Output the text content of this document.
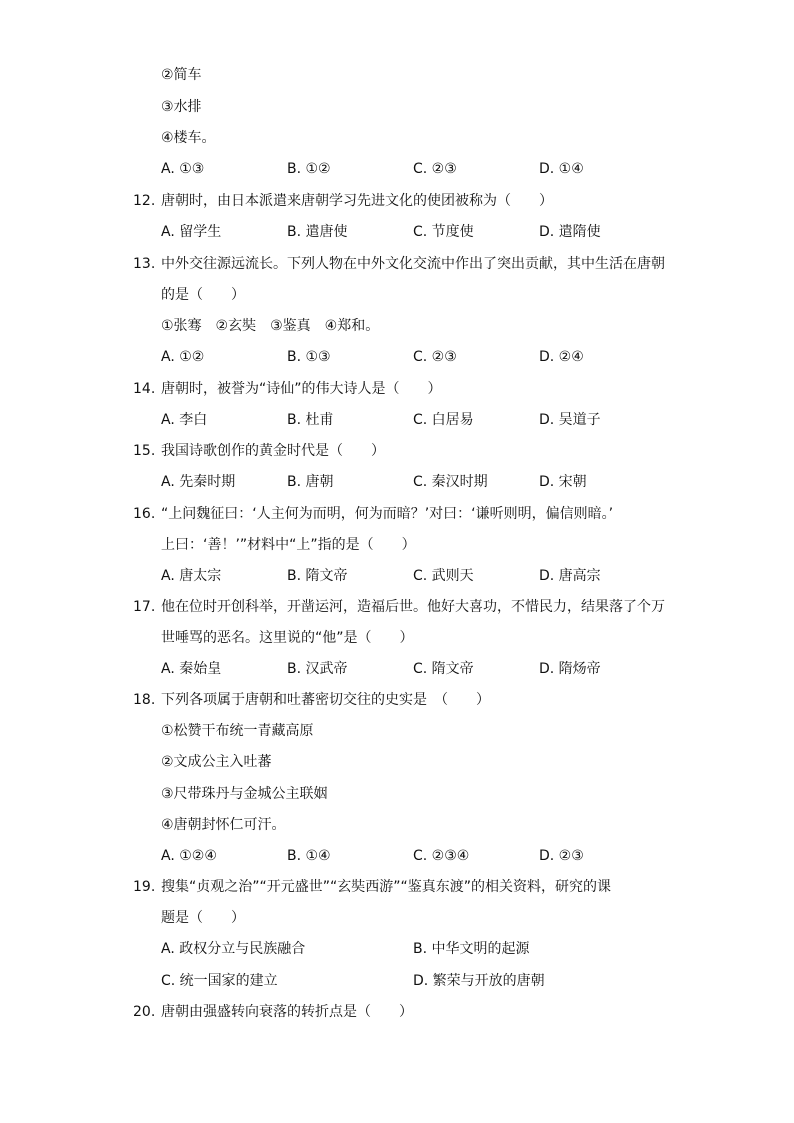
②简车
③水排
④楼车。
A. ①③	B. ①②	C. ②③	D. ①④
12. 唐朝时，由日本派遣来唐朝学习先进文化的使团被称为（　　）
A. 留学生	B. 遣唐使	C. 节度使	D. 遣隋使
13. 中外交往源远流长。下列人物在中外文化交流中作出了突出贡献，其中生活在唐朝
的是（　　）
①张骞　②玄奘　③鉴真　④郑和。
A. ①②	B. ①③	C. ②③	D. ②④
14. 唐朝时，被誉为“诗仙”的伟大诗人是（　　）
A. 李白	B. 杜甫	C. 白居易	D. 吴道子
15. 我国诗歌创作的黄金时代是（　　）
A. 先秦时期	B. 唐朝	C. 秦汉时期	D. 宋朝
16. “上问魏征曰：‘人主何为而明，何为而暗？’对曰：‘谦听则明，偏信则暗。’
上曰：‘善！’”材料中“上”指的是（　　）
A. 唐太宗	B. 隋文帝	C. 武则天	D. 唐高宗
17. 他在位时开创科举，开凿运河，造福后世。他好大喜功，不惜民力，结果落了个万
世唾骂的恶名。这里说的“他”是（　　）
A. 秦始皇	B. 汉武帝	C. 隋文帝	D. 隋炀帝
18. 下列各项属于唐朝和吐蕃密切交往的史实是　（　　）
①松赞干布统一青藏高原
②文成公主入吐蕃
③尺带珠丹与金城公主联姻
④唐朝封怀仁可汗。
A. ①②④	B. ①④	C. ②③④	D. ②③
19. 搜集“贞观之治”“开元盛世”“玄奘西游”“鉴真东渡”的相关资料，研究的课
题是（　　）
A. 政权分立与民族融合	B. 中华文明的起源
C. 统一国家的建立	D. 繁荣与开放的唐朝
20. 唐朝由强盛转向衰落的转折点是（　　）
